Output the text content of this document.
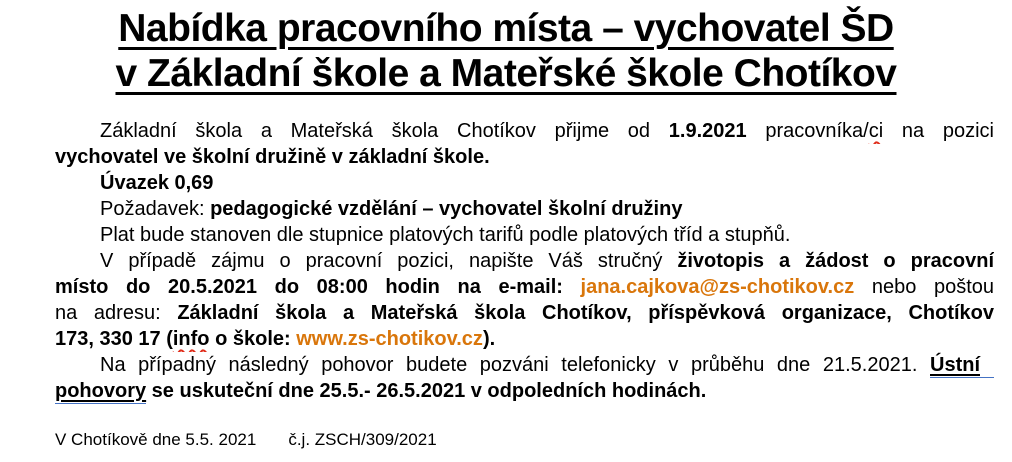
Nabídka pracovního místa – vychovatel ŠD
v Základní škole a Mateřské škole Chotíkov
Základní škola a Mateřská škola Chotíkov přijme od 1.9.2021 pracovníka/ci na pozici
vychovatel ve školní družině v základní škole.
Úvazek 0,69
Požadavek: pedagogické vzdělání – vychovatel školní družiny
Plat bude stanoven dle stupnice platových tarifů podle platových tříd a stupňů.
V případě zájmu o pracovní pozici, napište Váš stručný životopis a žádost o pracovní
místo do 20.5.2021 do 08:00 hodin na e-mail: jana.cajkova@zs-chotikov.cz nebo poštou
na adresu: Základní škola a Mateřská škola Chotíkov, příspěvková organizace, Chotíkov
173, 330 17 (info o škole: www.zs-chotikov.cz).
Na případný následný pohovor budete pozváni telefonicky v průběhu dne 21.5.2021. Ústní
pohovory se uskuteční dne 25.5.- 26.5.2021 v odpoledních hodinách.
V Chotíkově dne 5.5. 2021 č.j. ZSCH/309/2021
